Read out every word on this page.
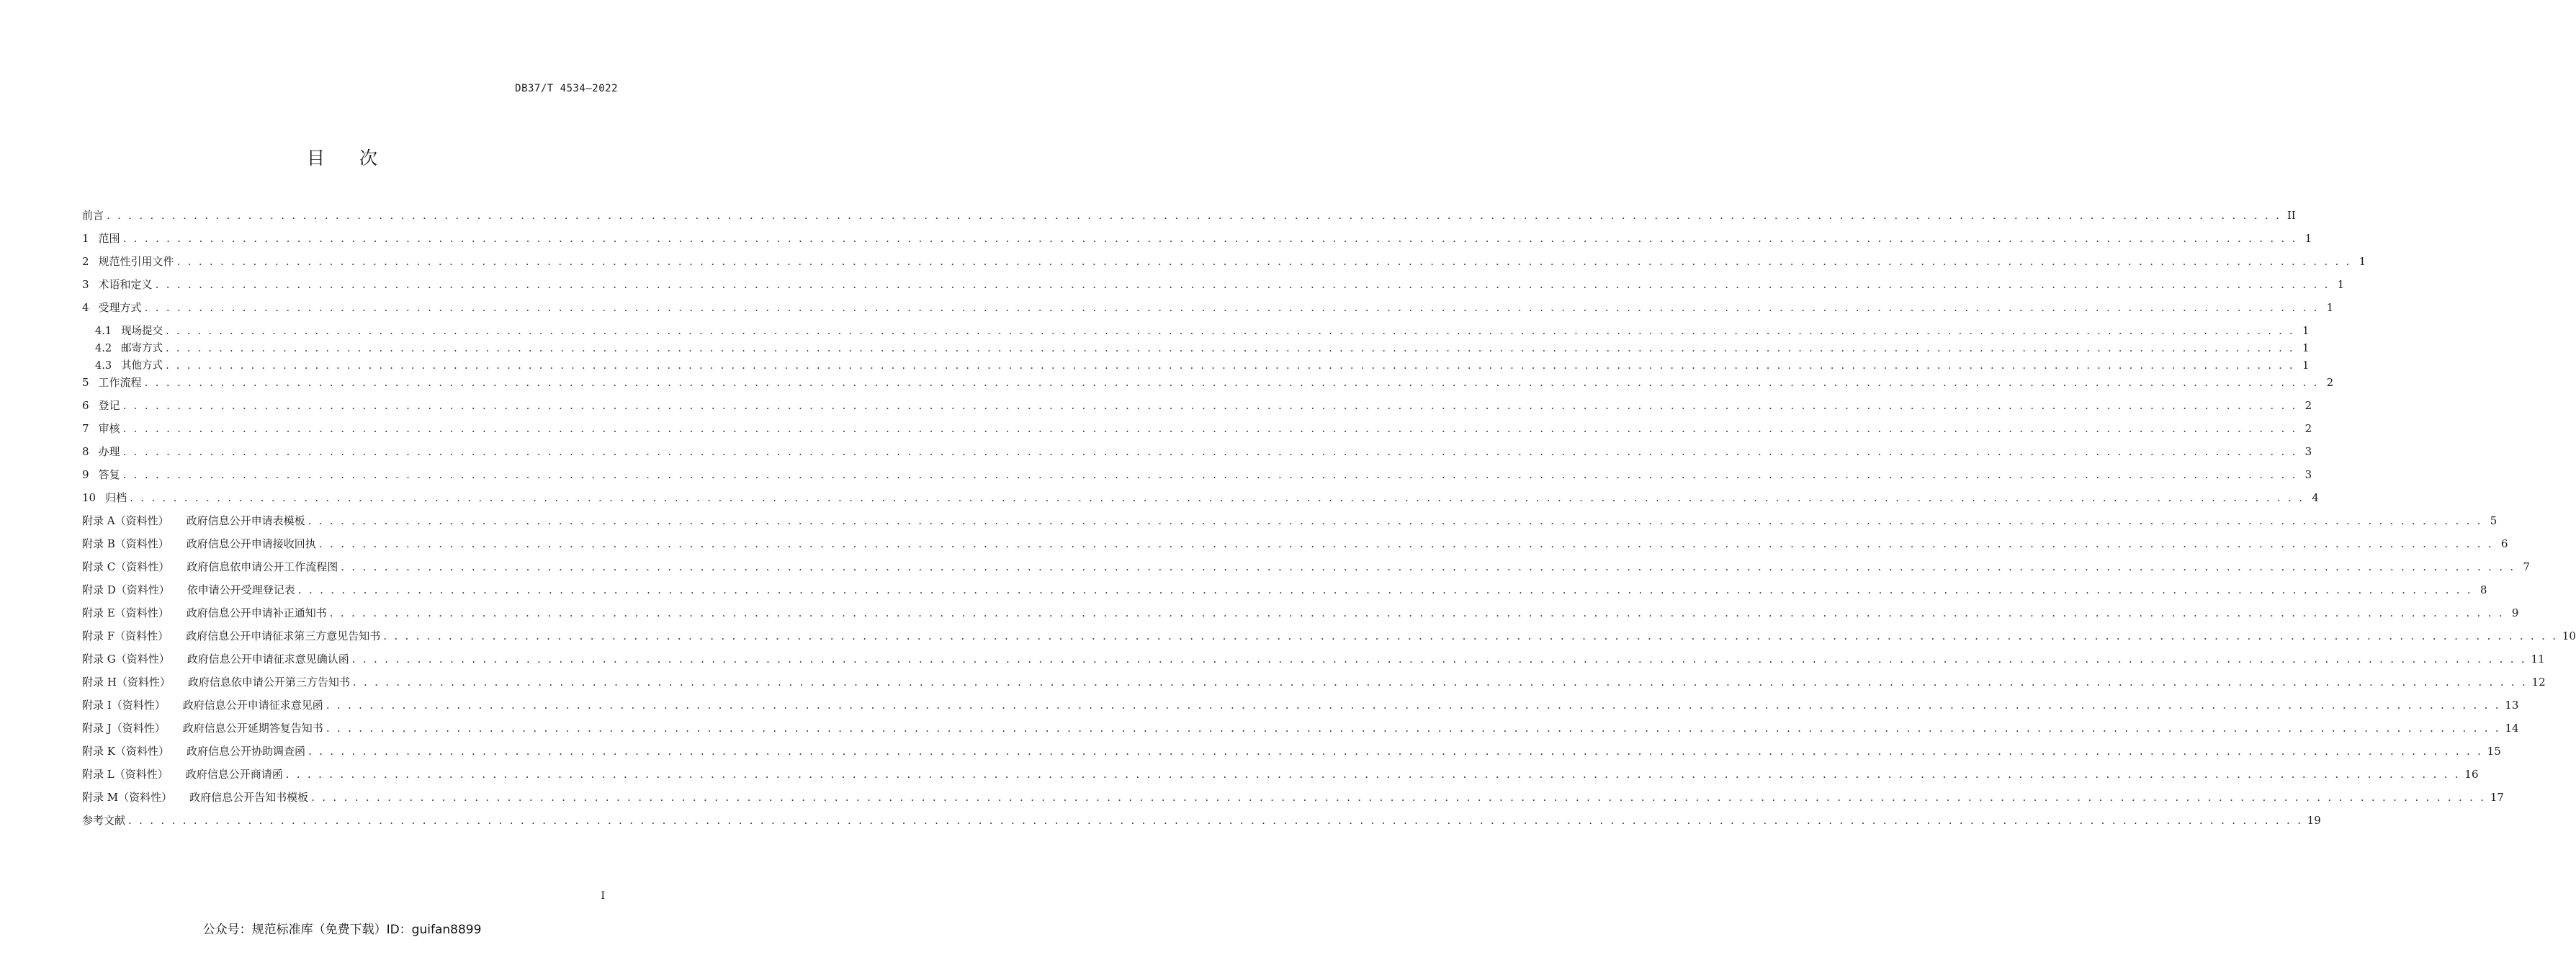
DB37/T 4534—2022
目次
前言 . . . . . . . . . . . . . . . . . . . . . . . . . . . . . . . . . . . . . . . . . . . . . . . . . . . . . . . . . . . . . . . . . . . . . . . . . . . . . . . . . . . . . . . . . . . . . . . . . . . . . . . . . . . . . . . . . . . . . . . . . . . . . . . . . . . . . . . . . . . . . . . . . . . . . . . . . . . . . . . . . . . . . . . . . . . . . . . . . . . . . . . . . . . . . . . . . . . . . . . . II
1 范围 . . . . . . . . . . . . . . . . . . . . . . . . . . . . . . . . . . . . . . . . . . . . . . . . . . . . . . . . . . . . . . . . . . . . . . . . . . . . . . . . . . . . . . . . . . . . . . . . . . . . . . . . . . . . . . . . . . . . . . . . . . . . . . . . . . . . . . . . . . . . . . . . . . . . . . . . . . . . . . . . . . . . . . . . . . . . . . . . . . . . . . . . . . . . . . . . . . . . . . . . 1
2 规范性引用文件 . . . . . . . . . . . . . . . . . . . . . . . . . . . . . . . . . . . . . . . . . . . . . . . . . . . . . . . . . . . . . . . . . . . . . . . . . . . . . . . . . . . . . . . . . . . . . . . . . . . . . . . . . . . . . . . . . . . . . . . . . . . . . . . . . . . . . . . . . . . . . . . . . . . . . . . . . . . . . . . . . . . . . . . . . . . . . . . . . . . . . . . . . . . . . . . . . . . . . . . . 1
3 术语和定义 . . . . . . . . . . . . . . . . . . . . . . . . . . . . . . . . . . . . . . . . . . . . . . . . . . . . . . . . . . . . . . . . . . . . . . . . . . . . . . . . . . . . . . . . . . . . . . . . . . . . . . . . . . . . . . . . . . . . . . . . . . . . . . . . . . . . . . . . . . . . . . . . . . . . . . . . . . . . . . . . . . . . . . . . . . . . . . . . . . . . . . . . . . . . . . . . . . . . . . . . 1
4 受理方式 . . . . . . . . . . . . . . . . . . . . . . . . . . . . . . . . . . . . . . . . . . . . . . . . . . . . . . . . . . . . . . . . . . . . . . . . . . . . . . . . . . . . . . . . . . . . . . . . . . . . . . . . . . . . . . . . . . . . . . . . . . . . . . . . . . . . . . . . . . . . . . . . . . . . . . . . . . . . . . . . . . . . . . . . . . . . . . . . . . . . . . . . . . . . . . . . . . . . . . . . 1
4.1 现场提交 . . . . . . . . . . . . . . . . . . . . . . . . . . . . . . . . . . . . . . . . . . . . . . . . . . . . . . . . . . . . . . . . . . . . . . . . . . . . . . . . . . . . . . . . . . . . . . . . . . . . . . . . . . . . . . . . . . . . . . . . . . . . . . . . . . . . . . . . . . . . . . . . . . . . . . . . . . . . . . . . . . . . . . . . . . . . . . . . . . . . . . . . . . . . . . . . . . . . . . . . 1
4.2 邮寄方式 . . . . . . . . . . . . . . . . . . . . . . . . . . . . . . . . . . . . . . . . . . . . . . . . . . . . . . . . . . . . . . . . . . . . . . . . . . . . . . . . . . . . . . . . . . . . . . . . . . . . . . . . . . . . . . . . . . . . . . . . . . . . . . . . . . . . . . . . . . . . . . . . . . . . . . . . . . . . . . . . . . . . . . . . . . . . . . . . . . . . . . . . . . . . . . . . . . . . . . . . 1
4.3 其他方式 . . . . . . . . . . . . . . . . . . . . . . . . . . . . . . . . . . . . . . . . . . . . . . . . . . . . . . . . . . . . . . . . . . . . . . . . . . . . . . . . . . . . . . . . . . . . . . . . . . . . . . . . . . . . . . . . . . . . . . . . . . . . . . . . . . . . . . . . . . . . . . . . . . . . . . . . . . . . . . . . . . . . . . . . . . . . . . . . . . . . . . . . . . . . . . . . . . . . . . . . 1
5 工作流程 . . . . . . . . . . . . . . . . . . . . . . . . . . . . . . . . . . . . . . . . . . . . . . . . . . . . . . . . . . . . . . . . . . . . . . . . . . . . . . . . . . . . . . . . . . . . . . . . . . . . . . . . . . . . . . . . . . . . . . . . . . . . . . . . . . . . . . . . . . . . . . . . . . . . . . . . . . . . . . . . . . . . . . . . . . . . . . . . . . . . . . . . . . . . . . . . . . . . . . . . 2
6 登记 . . . . . . . . . . . . . . . . . . . . . . . . . . . . . . . . . . . . . . . . . . . . . . . . . . . . . . . . . . . . . . . . . . . . . . . . . . . . . . . . . . . . . . . . . . . . . . . . . . . . . . . . . . . . . . . . . . . . . . . . . . . . . . . . . . . . . . . . . . . . . . . . . . . . . . . . . . . . . . . . . . . . . . . . . . . . . . . . . . . . . . . . . . . . . . . . . . . . . . . . 2
7 审核 . . . . . . . . . . . . . . . . . . . . . . . . . . . . . . . . . . . . . . . . . . . . . . . . . . . . . . . . . . . . . . . . . . . . . . . . . . . . . . . . . . . . . . . . . . . . . . . . . . . . . . . . . . . . . . . . . . . . . . . . . . . . . . . . . . . . . . . . . . . . . . . . . . . . . . . . . . . . . . . . . . . . . . . . . . . . . . . . . . . . . . . . . . . . . . . . . . . . . . . . 2
8 办理 . . . . . . . . . . . . . . . . . . . . . . . . . . . . . . . . . . . . . . . . . . . . . . . . . . . . . . . . . . . . . . . . . . . . . . . . . . . . . . . . . . . . . . . . . . . . . . . . . . . . . . . . . . . . . . . . . . . . . . . . . . . . . . . . . . . . . . . . . . . . . . . . . . . . . . . . . . . . . . . . . . . . . . . . . . . . . . . . . . . . . . . . . . . . . . . . . . . . . . . . 3
9 答复 . . . . . . . . . . . . . . . . . . . . . . . . . . . . . . . . . . . . . . . . . . . . . . . . . . . . . . . . . . . . . . . . . . . . . . . . . . . . . . . . . . . . . . . . . . . . . . . . . . . . . . . . . . . . . . . . . . . . . . . . . . . . . . . . . . . . . . . . . . . . . . . . . . . . . . . . . . . . . . . . . . . . . . . . . . . . . . . . . . . . . . . . . . . . . . . . . . . . . . . . 3
10 归档 . . . . . . . . . . . . . . . . . . . . . . . . . . . . . . . . . . . . . . . . . . . . . . . . . . . . . . . . . . . . . . . . . . . . . . . . . . . . . . . . . . . . . . . . . . . . . . . . . . . . . . . . . . . . . . . . . . . . . . . . . . . . . . . . . . . . . . . . . . . . . . . . . . . . . . . . . . . . . . . . . . . . . . . . . . . . . . . . . . . . . . . . . . . . . . . . . . . . . . . . 4
附录 A（资料性）	政府信息公开申请表模板 . . . . . . . . . . . . . . . . . . . . . . . . . . . . . . . . . . . . . . . . . . . . . . . . . . . . . . . . . . . . . . . . . . . . . . . . . . . . . . . . . . . . . . . . . . . . . . . . . . . . . . . . . . . . . . . . . . . . . . . . . . . . . . . . . . . . . . . . . . . . . . . . . . . . . . . . . . . . . . . . . . . . . . . . . . . . . . . . . . . . . . . . . . . . . . . . . . . . . . . . 5
附录 B（资料性）	政府信息公开申请接收回执 . . . . . . . . . . . . . . . . . . . . . . . . . . . . . . . . . . . . . . . . . . . . . . . . . . . . . . . . . . . . . . . . . . . . . . . . . . . . . . . . . . . . . . . . . . . . . . . . . . . . . . . . . . . . . . . . . . . . . . . . . . . . . . . . . . . . . . . . . . . . . . . . . . . . . . . . . . . . . . . . . . . . . . . . . . . . . . . . . . . . . . . . . . . . . . . . . . . . . . . . 6
附录 C（资料性）	政府信息依申请公开工作流程图 . . . . . . . . . . . . . . . . . . . . . . . . . . . . . . . . . . . . . . . . . . . . . . . . . . . . . . . . . . . . . . . . . . . . . . . . . . . . . . . . . . . . . . . . . . . . . . . . . . . . . . . . . . . . . . . . . . . . . . . . . . . . . . . . . . . . . . . . . . . . . . . . . . . . . . . . . . . . . . . . . . . . . . . . . . . . . . . . . . . . . . . . . . . . . . . . . . . . . . . . 7
附录 D（资料性）	依申请公开受理登记表 . . . . . . . . . . . . . . . . . . . . . . . . . . . . . . . . . . . . . . . . . . . . . . . . . . . . . . . . . . . . . . . . . . . . . . . . . . . . . . . . . . . . . . . . . . . . . . . . . . . . . . . . . . . . . . . . . . . . . . . . . . . . . . . . . . . . . . . . . . . . . . . . . . . . . . . . . . . . . . . . . . . . . . . . . . . . . . . . . . . . . . . . . . . . . . . . . . . . . . . . 8
附录 E（资料性）	政府信息公开申请补正通知书 . . . . . . . . . . . . . . . . . . . . . . . . . . . . . . . . . . . . . . . . . . . . . . . . . . . . . . . . . . . . . . . . . . . . . . . . . . . . . . . . . . . . . . . . . . . . . . . . . . . . . . . . . . . . . . . . . . . . . . . . . . . . . . . . . . . . . . . . . . . . . . . . . . . . . . . . . . . . . . . . . . . . . . . . . . . . . . . . . . . . . . . . . . . . . . . . . . . . . . . . 9
附录 F（资料性）	政府信息公开申请征求第三方意见告知书 . . . . . . . . . . . . . . . . . . . . . . . . . . . . . . . . . . . . . . . . . . . . . . . . . . . . . . . . . . . . . . . . . . . . . . . . . . . . . . . . . . . . . . . . . . . . . . . . . . . . . . . . . . . . . . . . . . . . . . . . . . . . . . . . . . . . . . . . . . . . . . . . . . . . . . . . . . . . . . . . . . . . . . . . . . . . . . . . . . . . . . . . . . . . . . . . . . . . . . . . 10
附录 G（资料性）	政府信息公开申请征求意见确认函 . . . . . . . . . . . . . . . . . . . . . . . . . . . . . . . . . . . . . . . . . . . . . . . . . . . . . . . . . . . . . . . . . . . . . . . . . . . . . . . . . . . . . . . . . . . . . . . . . . . . . . . . . . . . . . . . . . . . . . . . . . . . . . . . . . . . . . . . . . . . . . . . . . . . . . . . . . . . . . . . . . . . . . . . . . . . . . . . . . . . . . . . . . . . . . . . . . . . . . . . 11
附录 H（资料性）	政府信息依申请公开第三方告知书 . . . . . . . . . . . . . . . . . . . . . . . . . . . . . . . . . . . . . . . . . . . . . . . . . . . . . . . . . . . . . . . . . . . . . . . . . . . . . . . . . . . . . . . . . . . . . . . . . . . . . . . . . . . . . . . . . . . . . . . . . . . . . . . . . . . . . . . . . . . . . . . . . . . . . . . . . . . . . . . . . . . . . . . . . . . . . . . . . . . . . . . . . . . . . . . . . . . . . . . . 12
附录 I（资料性）	政府信息公开申请征求意见函 . . . . . . . . . . . . . . . . . . . . . . . . . . . . . . . . . . . . . . . . . . . . . . . . . . . . . . . . . . . . . . . . . . . . . . . . . . . . . . . . . . . . . . . . . . . . . . . . . . . . . . . . . . . . . . . . . . . . . . . . . . . . . . . . . . . . . . . . . . . . . . . . . . . . . . . . . . . . . . . . . . . . . . . . . . . . . . . . . . . . . . . . . . . . . . . . . . . . . . . . 13
附录 J（资料性）	政府信息公开延期答复告知书 . . . . . . . . . . . . . . . . . . . . . . . . . . . . . . . . . . . . . . . . . . . . . . . . . . . . . . . . . . . . . . . . . . . . . . . . . . . . . . . . . . . . . . . . . . . . . . . . . . . . . . . . . . . . . . . . . . . . . . . . . . . . . . . . . . . . . . . . . . . . . . . . . . . . . . . . . . . . . . . . . . . . . . . . . . . . . . . . . . . . . . . . . . . . . . . . . . . . . . . . 14
附录 K（资料性）	政府信息公开协助调查函 . . . . . . . . . . . . . . . . . . . . . . . . . . . . . . . . . . . . . . . . . . . . . . . . . . . . . . . . . . . . . . . . . . . . . . . . . . . . . . . . . . . . . . . . . . . . . . . . . . . . . . . . . . . . . . . . . . . . . . . . . . . . . . . . . . . . . . . . . . . . . . . . . . . . . . . . . . . . . . . . . . . . . . . . . . . . . . . . . . . . . . . . . . . . . . . . . . . . . . . . 15
附录 L（资料性）	政府信息公开商请函 . . . . . . . . . . . . . . . . . . . . . . . . . . . . . . . . . . . . . . . . . . . . . . . . . . . . . . . . . . . . . . . . . . . . . . . . . . . . . . . . . . . . . . . . . . . . . . . . . . . . . . . . . . . . . . . . . . . . . . . . . . . . . . . . . . . . . . . . . . . . . . . . . . . . . . . . . . . . . . . . . . . . . . . . . . . . . . . . . . . . . . . . . . . . . . . . . . . . . . . . 16
附录 M（资料性）	政府信息公开告知书模板 . . . . . . . . . . . . . . . . . . . . . . . . . . . . . . . . . . . . . . . . . . . . . . . . . . . . . . . . . . . . . . . . . . . . . . . . . . . . . . . . . . . . . . . . . . . . . . . . . . . . . . . . . . . . . . . . . . . . . . . . . . . . . . . . . . . . . . . . . . . . . . . . . . . . . . . . . . . . . . . . . . . . . . . . . . . . . . . . . . . . . . . . . . . . . . . . . . . . . . . . 17
参考文献 . . . . . . . . . . . . . . . . . . . . . . . . . . . . . . . . . . . . . . . . . . . . . . . . . . . . . . . . . . . . . . . . . . . . . . . . . . . . . . . . . . . . . . . . . . . . . . . . . . . . . . . . . . . . . . . . . . . . . . . . . . . . . . . . . . . . . . . . . . . . . . . . . . . . . . . . . . . . . . . . . . . . . . . . . . . . . . . . . . . . . . . . . . . . . . . . . . . . . . . . 19
I
公众号：规范标准库（免费下载）ID：guifan8899
